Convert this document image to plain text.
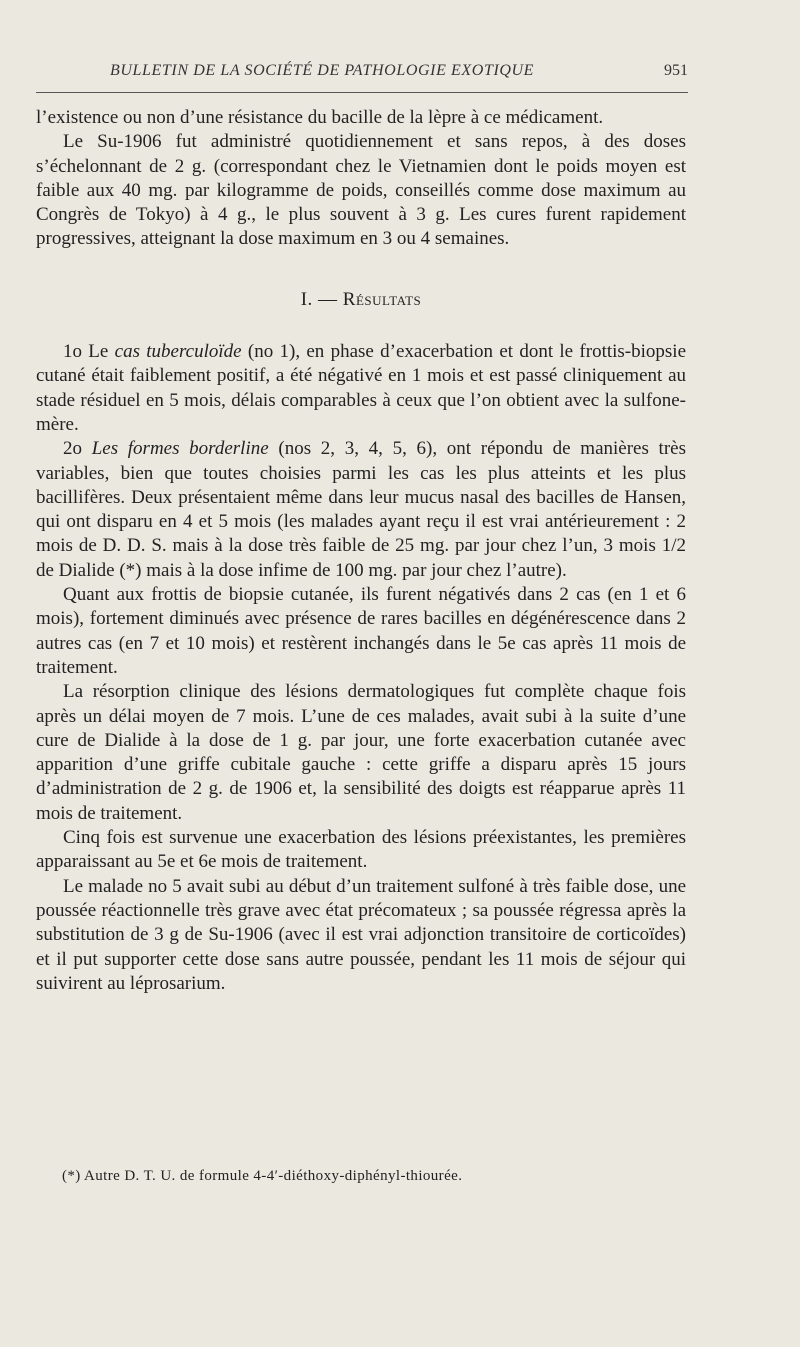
BULLETIN DE LA SOCIÉTÉ DE PATHOLOGIE EXOTIQUE	951

l’existence ou non d’une résistance du bacille de la lèpre à ce médicament.

Le Su-1906 fut administré quotidiennement et sans repos, à des doses s’échelonnant de 2 g. (correspondant chez le Vietnamien dont le poids moyen est faible aux 40 mg. par kilogramme de poids, conseillés comme dose maximum au Congrès de Tokyo) à 4 g., le plus souvent à 3 g. Les cures furent rapidement progressives, atteignant la dose maximum en 3 ou 4 semaines.

I. — Résultats

1o Le cas tuberculoïde (no 1), en phase d’exacerbation et dont le frottis-biopsie cutané était faiblement positif, a été négativé en 1 mois et est passé cliniquement au stade résiduel en 5 mois, délais comparables à ceux que l’on obtient avec la sulfone-mère.

2o Les formes borderline (nos 2, 3, 4, 5, 6), ont répondu de manières très variables, bien que toutes choisies parmi les cas les plus atteints et les plus bacillifères. Deux présentaient même dans leur mucus nasal des bacilles de Hansen, qui ont disparu en 4 et 5 mois (les malades ayant reçu il est vrai antérieurement : 2 mois de D. D. S. mais à la dose très faible de 25 mg. par jour chez l’un, 3 mois 1/2 de Dialide (*) mais à la dose infime de 100 mg. par jour chez l’autre).

Quant aux frottis de biopsie cutanée, ils furent négativés dans 2 cas (en 1 et 6 mois), fortement diminués avec présence de rares bacilles en dégénérescence dans 2 autres cas (en 7 et 10 mois) et restèrent inchangés dans le 5e cas après 11 mois de traitement.

La résorption clinique des lésions dermatologiques fut complète chaque fois après un délai moyen de 7 mois. L’une de ces malades, avait subi à la suite d’une cure de Dialide à la dose de 1 g. par jour, une forte exacerbation cutanée avec apparition d’une griffe cubitale gauche : cette griffe a disparu après 15 jours d’administration de 2 g. de 1906 et, la sensibilité des doigts est réapparue après 11 mois de traitement.

Cinq fois est survenue une exacerbation des lésions préexistantes, les premières apparaissant au 5e et 6e mois de traitement.

Le malade no 5 avait subi au début d’un traitement sulfoné à très faible dose, une poussée réactionnelle très grave avec état précomateux ; sa poussée régressa après la substitution de 3 g de Su-1906 (avec il est vrai adjonction transitoire de corticoïdes) et il put supporter cette dose sans autre poussée, pendant les 11 mois de séjour qui suivirent au léprosarium.

(*) Autre D. T. U. de formule 4-4′-diéthoxy-diphényl-thiourée.
